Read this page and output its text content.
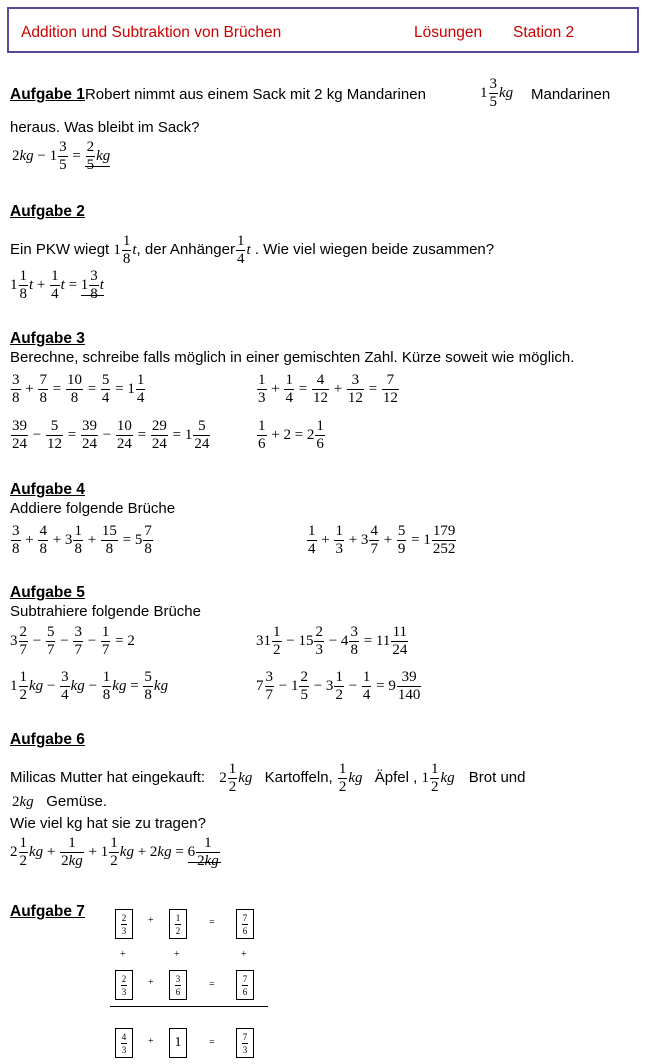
Addition und Subtraktion von Brüchen	Lösungen Station 2
Aufgabe 1Robert nimmt aus einem Sack mit 2 kg Mandarinen	$1 \frac{3}{5}$ kg Mandarinen
heraus. Was bleibt im Sack?
$2kg - 1 \frac{3}{5} = \frac{2}{5}$ kg
Aufgabe 2
Ein PKW wiegt $1 \frac{1}{8} t$, der Anhänger $\frac{1}{4}$ t . Wie viel wiegen beide zusammen?
$1 \frac{1}{8}$ $t + \frac{1}{4}$ $t = 1 \frac{3}{8}$ t
Aufgabe 3
Berechne, schreibe falls möglich in einer gemischten Zahl. Kürze soweit wie möglich.
$\frac{3}{8} + \frac{7}{8} = \frac{10}{8} = \frac{5}{4} = 1 \frac{1}{4}$	$\frac{1}{3} + \frac{1}{4} = \frac{4}{12} + \frac{3}{12} = \frac{7}{12}$
$\frac{39}{24} - \frac{5}{12} = \frac{39}{24} - \frac{10}{24} = \frac{29}{24} = 1 \frac{5}{24}$	$\frac{1}{6} + 2 = 2 \frac{1}{6}$
Aufgabe 4
Addiere folgende Brüche
$\frac{3}{8} + \frac{4}{8} + 3 \frac{1}{8} + \frac{15}{8} = 5 \frac{7}{8}$	$\frac{1}{4} + \frac{1}{3} + 3 \frac{4}{7} + \frac{5}{9} = 1 \frac{179}{252}$
Aufgabe 5
Subtrahiere folgende Brüche
$3 \frac{2}{7} - \frac{5}{7} - \frac{3}{7} - \frac{1}{7} = 2$	$31 \frac{1}{2} - 15 \frac{2}{3} - 4 \frac{3}{8} = 11 \frac{11}{24}$
$1 \frac{1}{2}$ kg − $\frac{3}{4}$ kg − $\frac{1}{8}$ kg = $\frac{5}{8}$ kg	$7 \frac{3}{7} - 1 \frac{2}{5} - 3 \frac{1}{2} - \frac{1}{4} = 9 \frac{39}{140}$
Aufgabe 6
Milicas Mutter hat eingekauft: $2 \frac{1}{2}$ kg Kartoffeln, $\frac{1}{2}$ kg Äpfel , $1 \frac{1}{2}$ kg Brot und
2kg Gemüse.
Wie viel kg hat sie zu tragen?
$2 \frac{1}{2}$ kg + $\frac{1}{2kg} + 1 \frac{1}{2}$ kg + $2kg = 6 \frac{1}{2kg}$
Aufgabe 7
$\frac{2}{3} + \frac{1}{2}$	=	$\frac{7}{6}$
+	+	+
$\frac{2}{3} + \frac{3}{6}$	=	$\frac{7}{6}$
$\frac{4}{3}$ +	1	=	$\frac{7}{3}$
